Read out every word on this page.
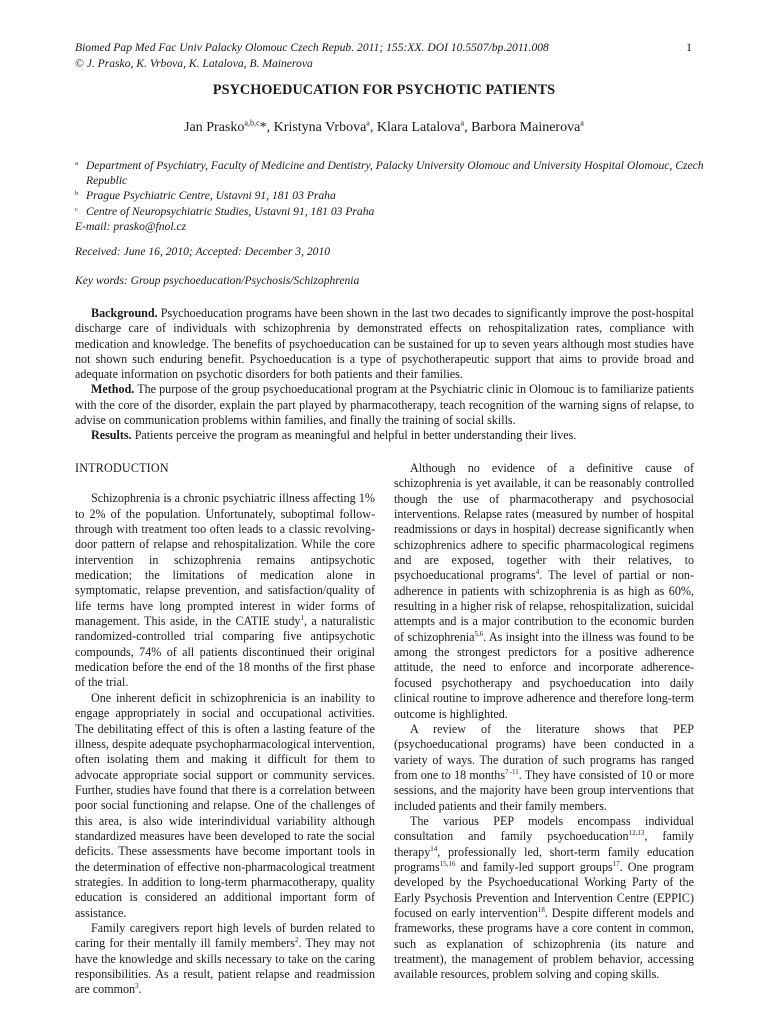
Biomed Pap Med Fac Univ Palacky Olomouc Czech Repub. 2011; 155:XX. DOI 10.5507/bp.2011.008
© J. Prasko, K. Vrbova, K. Latalova, B. Mainerova
1
PSYCHOEDUCATION FOR PSYCHOTIC PATIENTS
Jan Prasko$^{a,b,c}$*, Kristyna Vrbova$^a$, Klara Latalova$^a$, Barbora Mainerova$^a$
a Department of Psychiatry, Faculty of Medicine and Dentistry, Palacky University Olomouc and University Hospital Olomouc, Czech Republic
b Prague Psychiatric Centre, Ustavni 91, 181 03 Praha
c Centre of Neuropsychiatric Studies, Ustavni 91, 181 03 Praha
E-mail: prasko@fnol.cz
Received: June 16, 2010; Accepted: December 3, 2010
Key words: Group psychoeducation/Psychosis/Schizophrenia

Background. Psychoeducation programs have been shown in the last two decades to significantly improve the post-hospital discharge care of individuals with schizophrenia by demonstrated effects on rehospitalization rates, compliance with medication and knowledge. The benefits of psychoeducation can be sustained for up to seven years although most studies have not shown such enduring benefit. Psychoeducation is a type of psychotherapeutic support that aims to provide broad and adequate information on psychotic disorders for both patients and their families.

Method. The purpose of the group psychoeducational program at the Psychiatric clinic in Olomouc is to familiarize patients with the core of the disorder, explain the part played by pharmacotherapy, teach recognition of the warning signs of relapse, to advise on communication problems within families, and finally the training of social skills.

Results. Patients perceive the program as meaningful and helpful in better understanding their lives.

INTRODUCTION

Schizophrenia is a chronic psychiatric illness affecting 1% to 2% of the population. Unfortunately, suboptimal follow-through with treatment too often leads to a classic revolving-door pattern of relapse and rehospitalization. While the core intervention in schizophrenia remains antipsychotic medication; the limitations of medication alone in symptomatic, relapse prevention, and satisfaction/quality of life terms have long prompted interest in wider forms of management. This aside, in the CATIE study$^1$, a naturalistic randomized-controlled trial comparing five antipsychotic compounds, 74% of all patients discontinued their original medication before the end of the 18 months of the first phase of the trial.

One inherent deficit in schizophrenicia is an inability to engage appropriately in social and occupational activities. The debilitating effect of this is often a lasting feature of the illness, despite adequate psychopharmacological intervention, often isolating them and making it difficult for them to advocate appropriate social support or community services. Further, studies have found that there is a correlation between poor social functioning and relapse. One of the challenges of this area, is also wide interindividual variability although standardized measures have been developed to rate the social deficits. These assessments have become important tools in the determination of effective non-pharmacological treatment strategies. In addition to long-term pharmacotherapy, quality education is considered an additional important form of assistance.

Family caregivers report high levels of burden related to caring for their mentally ill family members$^2$. They may not have the knowledge and skills necessary to take on the caring responsibilities. As a result, patient relapse and readmission are common$^3$.

Although no evidence of a definitive cause of schizophrenia is yet available, it can be reasonably controlled though the use of pharmacotherapy and psychosocial interventions. Relapse rates (measured by number of hospital readmissions or days in hospital) decrease significantly when schizophrenics adhere to specific pharmacological regimens and are exposed, together with their relatives, to psychoeducational programs$^4$. The level of partial or non-adherence in patients with schizophrenia is as high as 60%, resulting in a higher risk of relapse, rehospitalization, suicidal attempts and is a major contribution to the economic burden of schizophrenia$^{5,6}$. As insight into the illness was found to be among the strongest predictors for a positive adherence attitude, the need to enforce and incorporate adherence-focused psychotherapy and psychoeducation into daily clinical routine to improve adherence and therefore long-term outcome is highlighted.

A review of the literature shows that PEP (psychoeducational programs) have been conducted in a variety of ways. The duration of such programs has ranged from one to 18 months$^{7-11}$. They have consisted of 10 or more sessions, and the majority have been group interventions that included patients and their family members.

The various PEP models encompass individual consultation and family psychoeducation$^{12,13}$, family therapy$^{14}$, professionally led, short-term family education programs$^{15,16}$ and family-led support groups$^{17}$. One program developed by the Psychoeducational Working Party of the Early Psychosis Prevention and Intervention Centre (EPPIC) focused on early intervention$^{18}$. Despite different models and frameworks, these programs have a core content in common, such as explanation of schizophrenia (its nature and treatment), the management of problem behavior, accessing available resources, problem solving and coping skills.
